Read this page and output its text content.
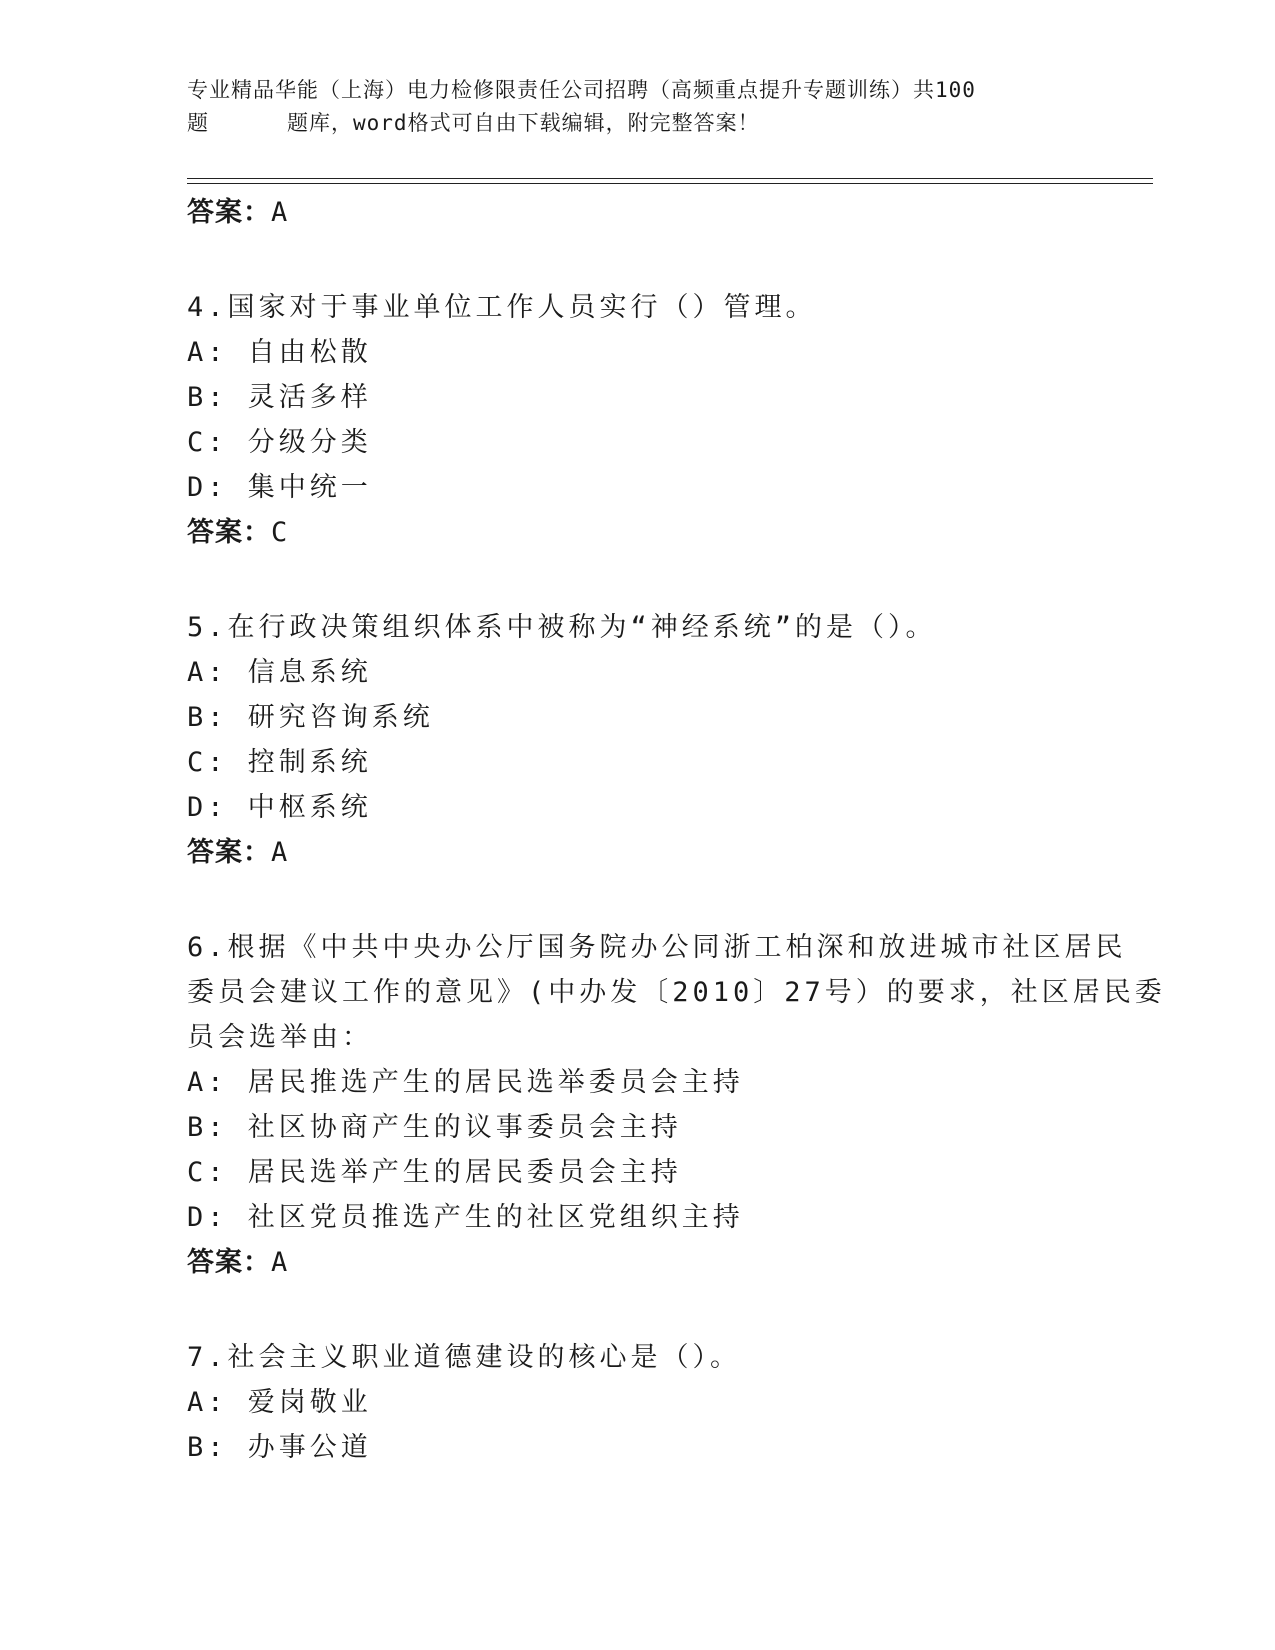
专业精品华能（上海）电力检修限责任公司招聘（高频重点提升专题训练）共100
题	题库，word格式可自由下载编辑，附完整答案！
答案：A
4.国家对于事业单位工作人员实行（）管理。
A: 自由松散
B: 灵活多样
C: 分级分类
D: 集中统一
答案：C
5.在行政决策组织体系中被称为“神经系统”的是（）。
A: 信息系统
B: 研究咨询系统
C: 控制系统
D: 中枢系统
答案：A
6.根据《中共中央办公厅国务院办公同浙工柏深和放进城市社区居民
委员会建议工作的意见》(中办发〔2010〕27号）的要求，社区居民委
员会选举由：
A: 居民推选产生的居民选举委员会主持
B: 社区协商产生的议事委员会主持
C: 居民选举产生的居民委员会主持
D: 社区党员推选产生的社区党组织主持
答案：A
7.社会主义职业道德建设的核心是（）。
A: 爱岗敬业
B: 办事公道
